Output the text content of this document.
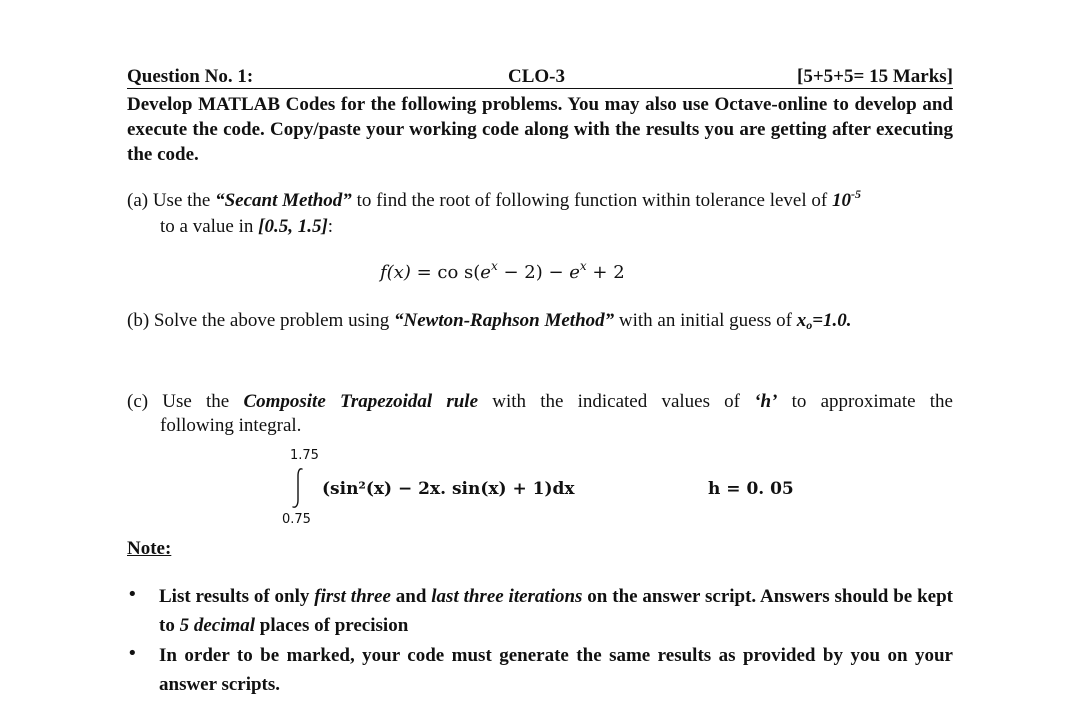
Question No. 1:	CLO-3	[5+5+5= 15 Marks]
Develop MATLAB Codes for the following problems. You may also use Octave-online to develop and execute the code. Copy/paste your working code along with the results you are getting after executing the code.
(a) Use the “Secant Method” to find the root of following function within tolerance level of $10^{-5}$
to a value in [0.5, 1.5]:
f(x) = co $s(e^x - 2) - e^x + 2$
(b) Solve the above problem using “Newton-Raphson Method” with an initial guess of $x_o=1.0$.
(c) Use the Composite Trapezoidal rule with the indicated values of ‘h’ to approximate the
following integral.
1.75
0.75
(sin²(x) − 2x. sin(x) + 1)dx	h = 0. 05
Note:
• List results of only first three and last three iterations on the answer script. Answers should be kept to 5 decimal places of precision
• In order to be marked, your code must generate the same results as provided by you on your answer scripts.
